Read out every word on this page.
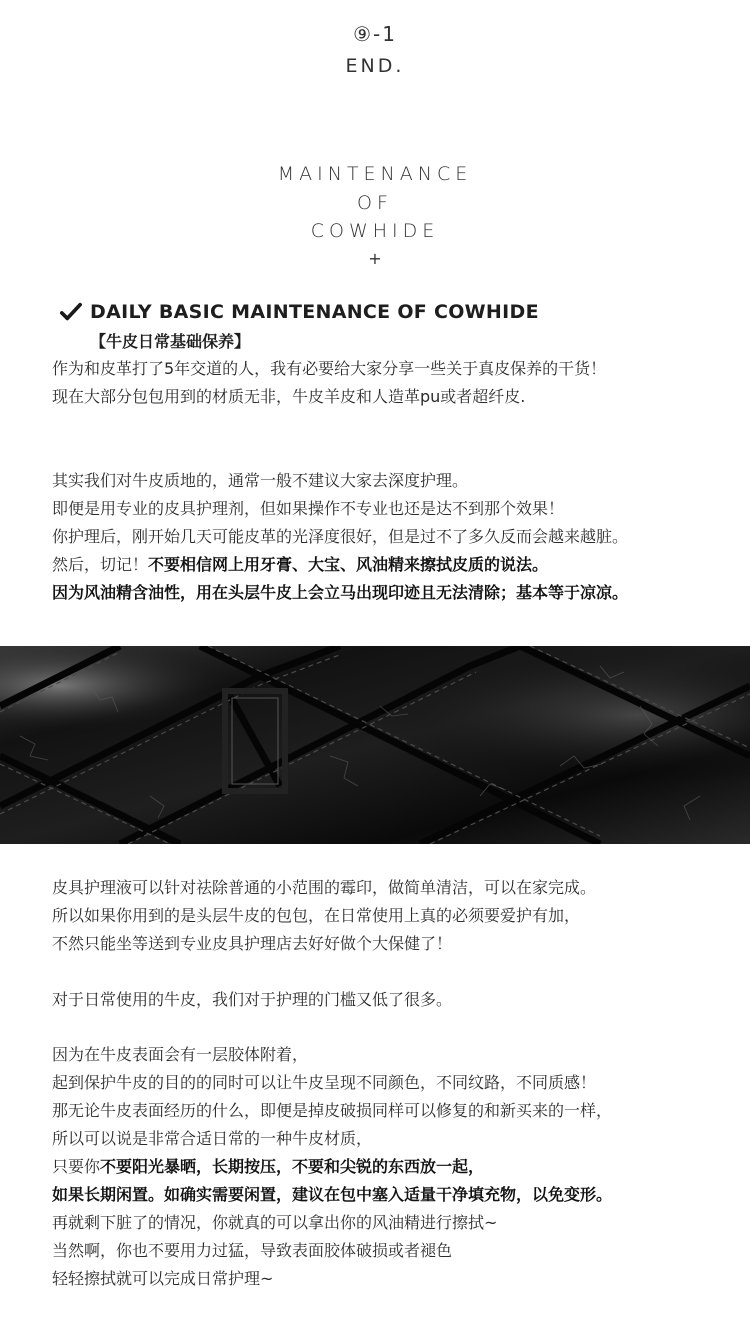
⑨-1
END.
MAINTENANCE
OF
COWHIDE
+
DAILY BASIC MAINTENANCE OF COWHIDE
【牛皮日常基础保养】
作为和皮革打了5年交道的人，我有必要给大家分享一些关于真皮保养的干货！
现在大部分包包用到的材质无非，牛皮羊皮和人造革pu或者超纤皮.
其实我们对牛皮质地的，通常一般不建议大家去深度护理。
即便是用专业的皮具护理剂，但如果操作不专业也还是达不到那个效果！
你护理后，刚开始几天可能皮革的光泽度很好，但是过不了多久反而会越来越脏。
然后，切记！不要相信网上用牙膏、大宝、风油精来擦拭皮质的说法。
因为风油精含油性，用在头层牛皮上会立马出现印迹且无法清除；基本等于凉凉。
皮具护理液可以针对祛除普通的小范围的霉印，做简单清洁，可以在家完成。
所以如果你用到的是头层牛皮的包包，在日常使用上真的必须要爱护有加，
不然只能坐等送到专业皮具护理店去好好做个大保健了！
对于日常使用的牛皮，我们对于护理的门槛又低了很多。
因为在牛皮表面会有一层胶体附着，
起到保护牛皮的目的的同时可以让牛皮呈现不同颜色，不同纹路，不同质感！
那无论牛皮表面经历的什么，即便是掉皮破损同样可以修复的和新买来的一样，
所以可以说是非常合适日常的一种牛皮材质，
只要你不要阳光暴晒，长期按压，不要和尖锐的东西放一起，
如果长期闲置。如确实需要闲置，建议在包中塞入适量干净填充物，以免变形。
再就剩下脏了的情况，你就真的可以拿出你的风油精进行擦拭~
当然啊，你也不要用力过猛，导致表面胶体破损或者褪色
轻轻擦拭就可以完成日常护理~
